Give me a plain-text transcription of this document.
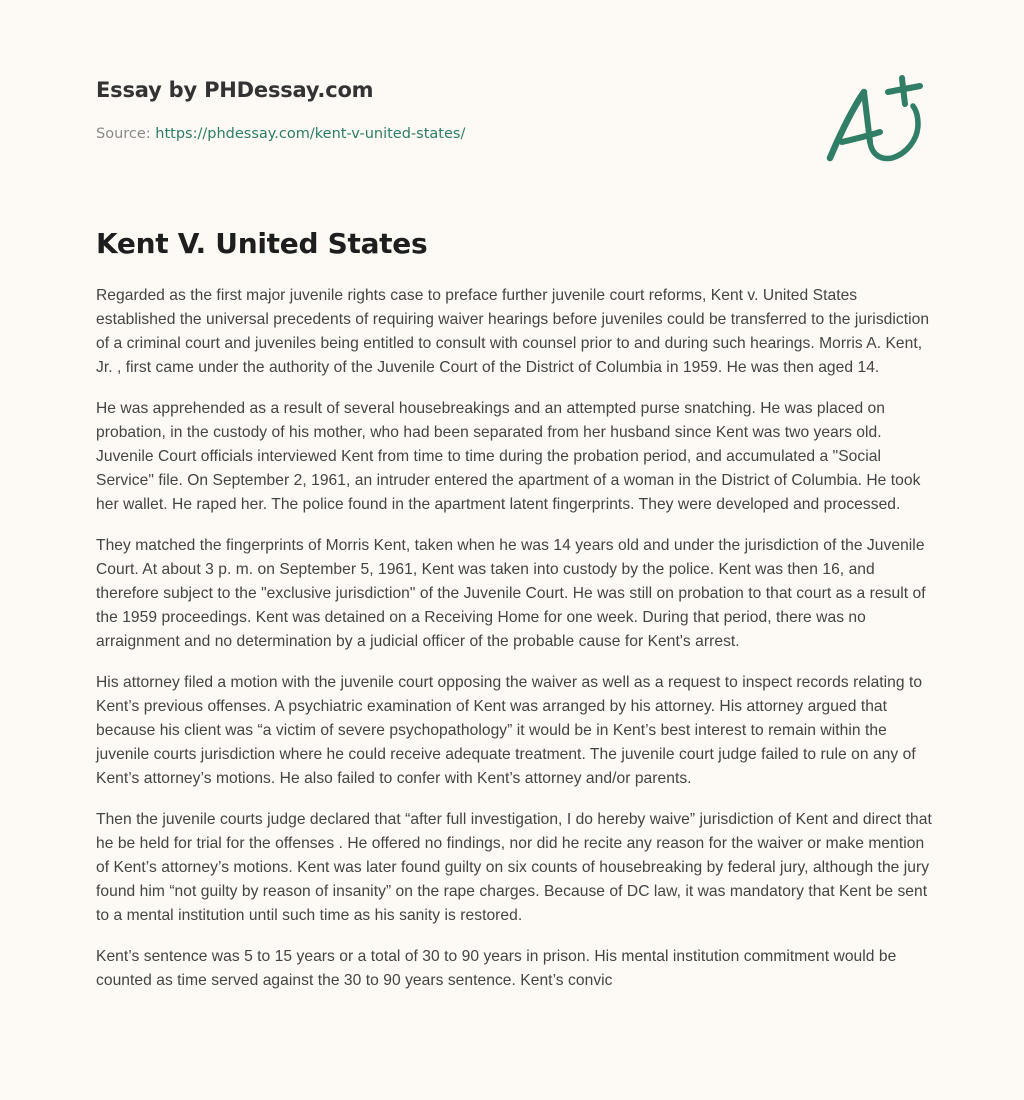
Essay by PHDessay.com
Source: https://phdessay.com/kent-v-united-states/
Kent V. United States

Regarded as the first major juvenile rights case to preface further juvenile court reforms, Kent v. United States established the universal precedents of requiring waiver hearings before juveniles could be transferred to the jurisdiction of a criminal court and juveniles being entitled to consult with counsel prior to and during such hearings. Morris A. Kent, Jr. , first came under the authority of the Juvenile Court of the District of Columbia in 1959. He was then aged 14.

He was apprehended as a result of several housebreakings and an attempted purse snatching. He was placed on probation, in the custody of his mother, who had been separated from her husband since Kent was two years old. Juvenile Court officials interviewed Kent from time to time during the probation period, and accumulated a "Social Service" file. On September 2, 1961, an intruder entered the apartment of a woman in the District of Columbia. He took her wallet. He raped her. The police found in the apartment latent fingerprints. They were developed and processed.

They matched the fingerprints of Morris Kent, taken when he was 14 years old and under the jurisdiction of the Juvenile Court. At about 3 p. m. on September 5, 1961, Kent was taken into custody by the police. Kent was then 16, and therefore subject to the "exclusive jurisdiction" of the Juvenile Court. He was still on probation to that court as a result of the 1959 proceedings. Kent was detained on a Receiving Home for one week. During that period, there was no arraignment and no determination by a judicial officer of the probable cause for Kent's arrest.

His attorney filed a motion with the juvenile court opposing the waiver as well as a request to inspect records relating to Kent’s previous offenses. A psychiatric examination of Kent was arranged by his attorney. His attorney argued that because his client was “a victim of severe psychopathology” it would be in Kent’s best interest to remain within the juvenile courts jurisdiction where he could receive adequate treatment. The juvenile court judge failed to rule on any of Kent’s attorney’s motions. He also failed to confer with Kent’s attorney and/or parents.

Then the juvenile courts judge declared that “after full investigation, I do hereby waive” jurisdiction of Kent and direct that he be held for trial for the offenses . He offered no findings, nor did he recite any reason for the waiver or make mention of Kent’s attorney’s motions. Kent was later found guilty on six counts of housebreaking by federal jury, although the jury found him “not guilty by reason of insanity” on the rape charges. Because of DC law, it was mandatory that Kent be sent to a mental institution until such time as his sanity is restored.

Kent’s sentence was 5 to 15 years or a total of 30 to 90 years in prison. His mental institution commitment would be counted as time served against the 30 to 90 years sentence. Kent’s convic
